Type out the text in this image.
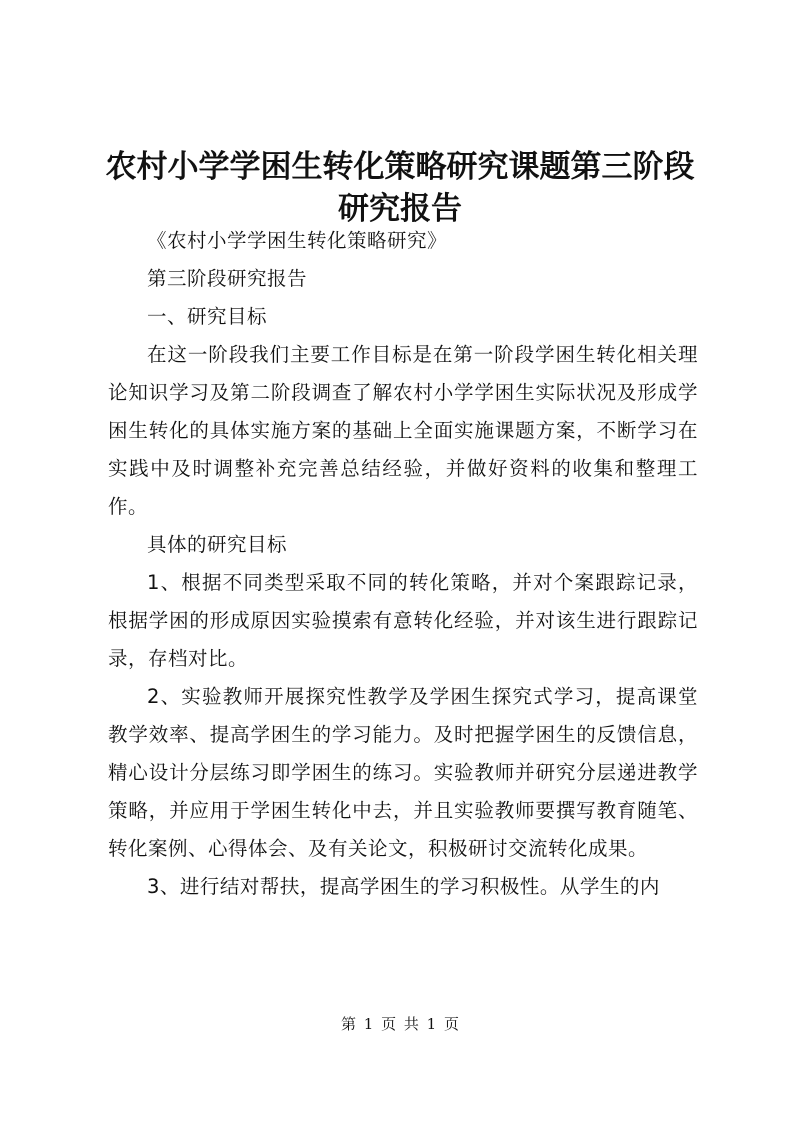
农村小学学困生转化策略研究课题第三阶段研究报告

《农村小学学困生转化策略研究》

第三阶段研究报告

一、研究目标

在这一阶段我们主要工作目标是在第一阶段学困生转化相关理论知识学习及第二阶段调查了解农村小学学困生实际状况及形成学困生转化的具体实施方案的基础上全面实施课题方案，不断学习在实践中及时调整补充完善总结经验，并做好资料的收集和整理工作。

具体的研究目标

1、根据不同类型采取不同的转化策略，并对个案跟踪记录，根据学困的形成原因实验摸索有意转化经验，并对该生进行跟踪记录，存档对比。

2、实验教师开展探究性教学及学困生探究式学习，提高课堂教学效率、提高学困生的学习能力。及时把握学困生的反馈信息，精心设计分层练习即学困生的练习。实验教师并研究分层递进教学策略，并应用于学困生转化中去，并且实验教师要撰写教育随笔、转化案例、心得体会、及有关论文，积极研讨交流转化成果。

3、进行结对帮扶，提高学困生的学习积极性。从学生的内

第 1 页 共 1 页
